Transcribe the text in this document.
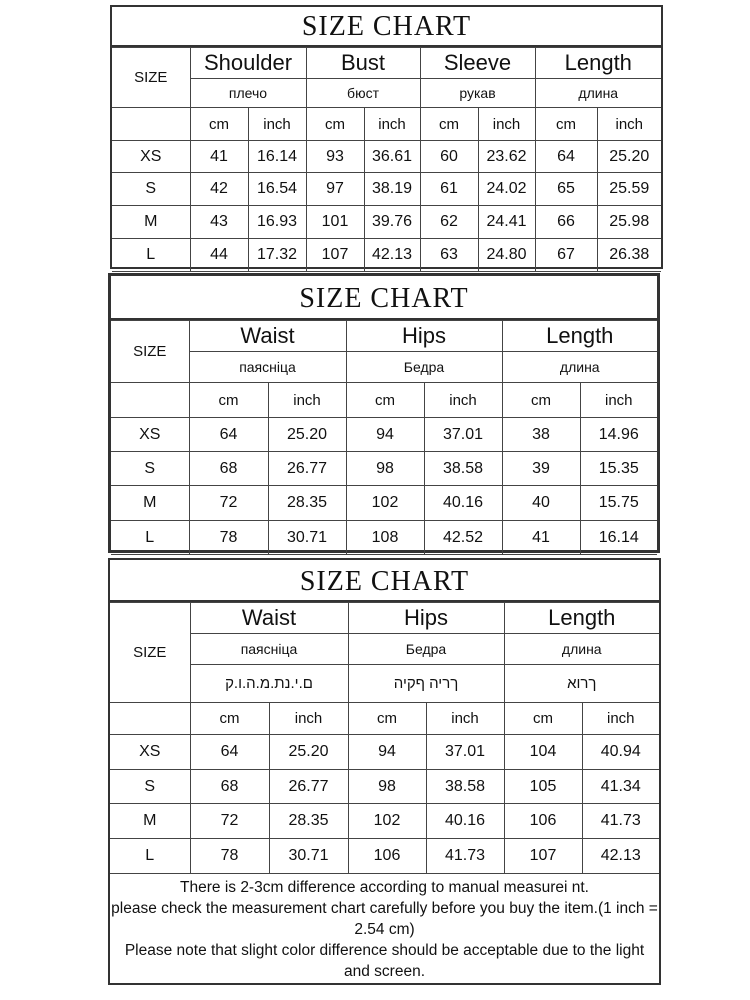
SIZE CHART
SIZE	Shoulder		Bust		Sleeve		Length	
	плечо		бюст		рукав		длина	
	cm	inch	cm	inch	cm	inch	cm	inch
XS	41	16.14	93	36.61	60	23.62	64	25.20
S	42	16.54	97	38.19	61	24.02	65	25.59
M	43	16.93	101	39.76	62	24.41	66	25.98
L	44	17.32	107	42.13	63	24.80	67	26.38
SIZE CHART
SIZE	Waist		Hips		Length	
	паясніца		Бедра		длина	
	cm	inch	cm	inch	cm	inch
XS	64	25.20	94	37.01	38	14.96
S	68	26.77	98	38.58	39	15.35
M	72	28.35	102	40.16	40	15.75
L	78	30.71	108	42.52	41	16.14
SIZE CHART
SIZE	Waist		Hips		Length	
	паясніца		Бедра		длина	
	ם.י.נת.מ.ה.ו.ק		ךריה ףקיה		ךרוא	
	cm	inch	cm	inch	cm	inch
XS	64	25.20	94	37.01	104	40.94
S	68	26.77	98	38.58	105	41.34
M	72	28.35	102	40.16	106	41.73
L	78	30.71	106	41.73	107	42.13
There is 2-3cm difference according to manual measurei​ nt.
please check the measurement chart carefully before you buy the item.(1 inch = 2.54 cm)
Please note that slight color difference should be acceptable due to the light and screen.
